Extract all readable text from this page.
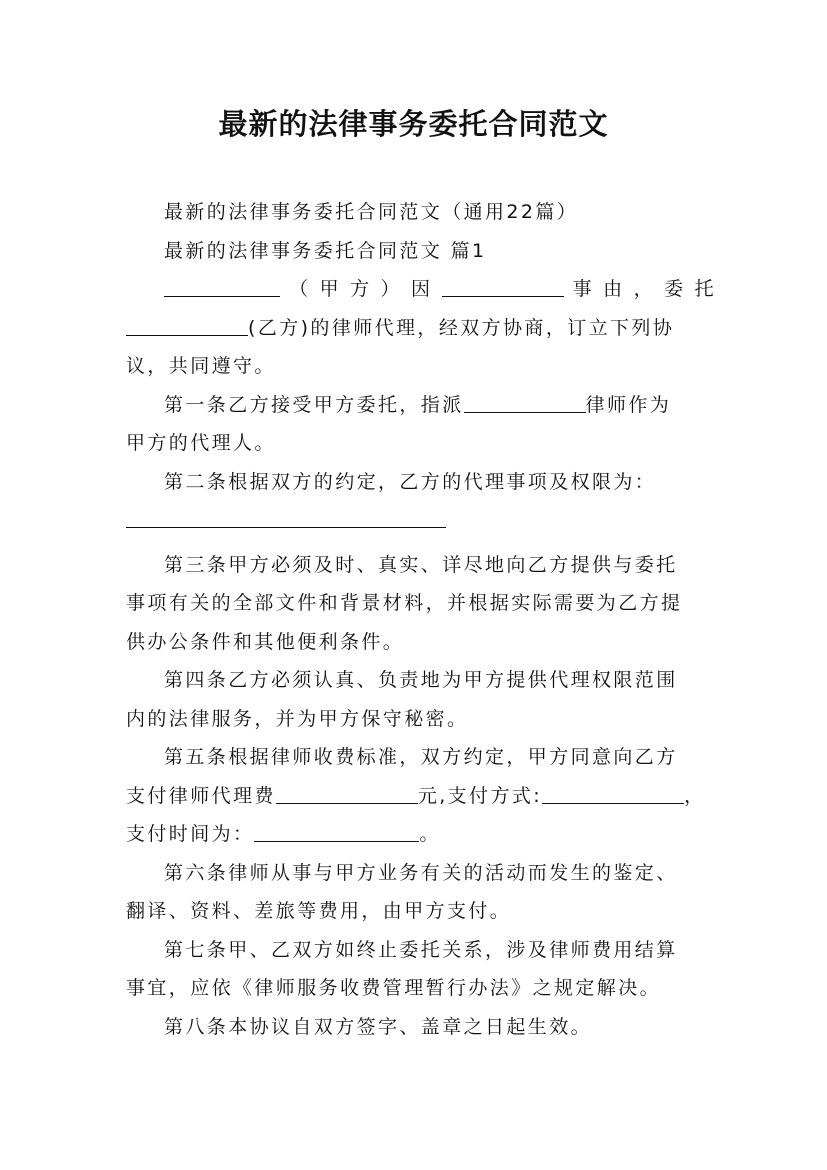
最新的法律事务委托合同范文

最新的法律事务委托合同范文（通用22篇）

最新的法律事务委托合同范文 篇1

（甲方）因	事由，委托

(乙方)的律师代理，经双方协商，订立下列协

议，共同遵守。

第一条乙方接受甲方委托，指派	律师作为

甲方的代理人。

第二条根据双方的约定，乙方的代理事项及权限为：

第三条甲方必须及时、真实、详尽地向乙方提供与委托

事项有关的全部文件和背景材料，并根据实际需要为乙方提

供办公条件和其他便利条件。

第四条乙方必须认真、负责地为甲方提供代理权限范围

内的法律服务，并为甲方保守秘密。

第五条根据律师收费标准，双方约定，甲方同意向乙方

支付律师代理费	元,支付方式:	，

支付时间为：	。

第六条律师从事与甲方业务有关的活动而发生的鉴定、

翻译、资料、差旅等费用，由甲方支付。

第七条甲、乙双方如终止委托关系，涉及律师费用结算

事宜，应依《律师服务收费管理暂行办法》之规定解决。

第八条本协议自双方签字、盖章之日起生效。
